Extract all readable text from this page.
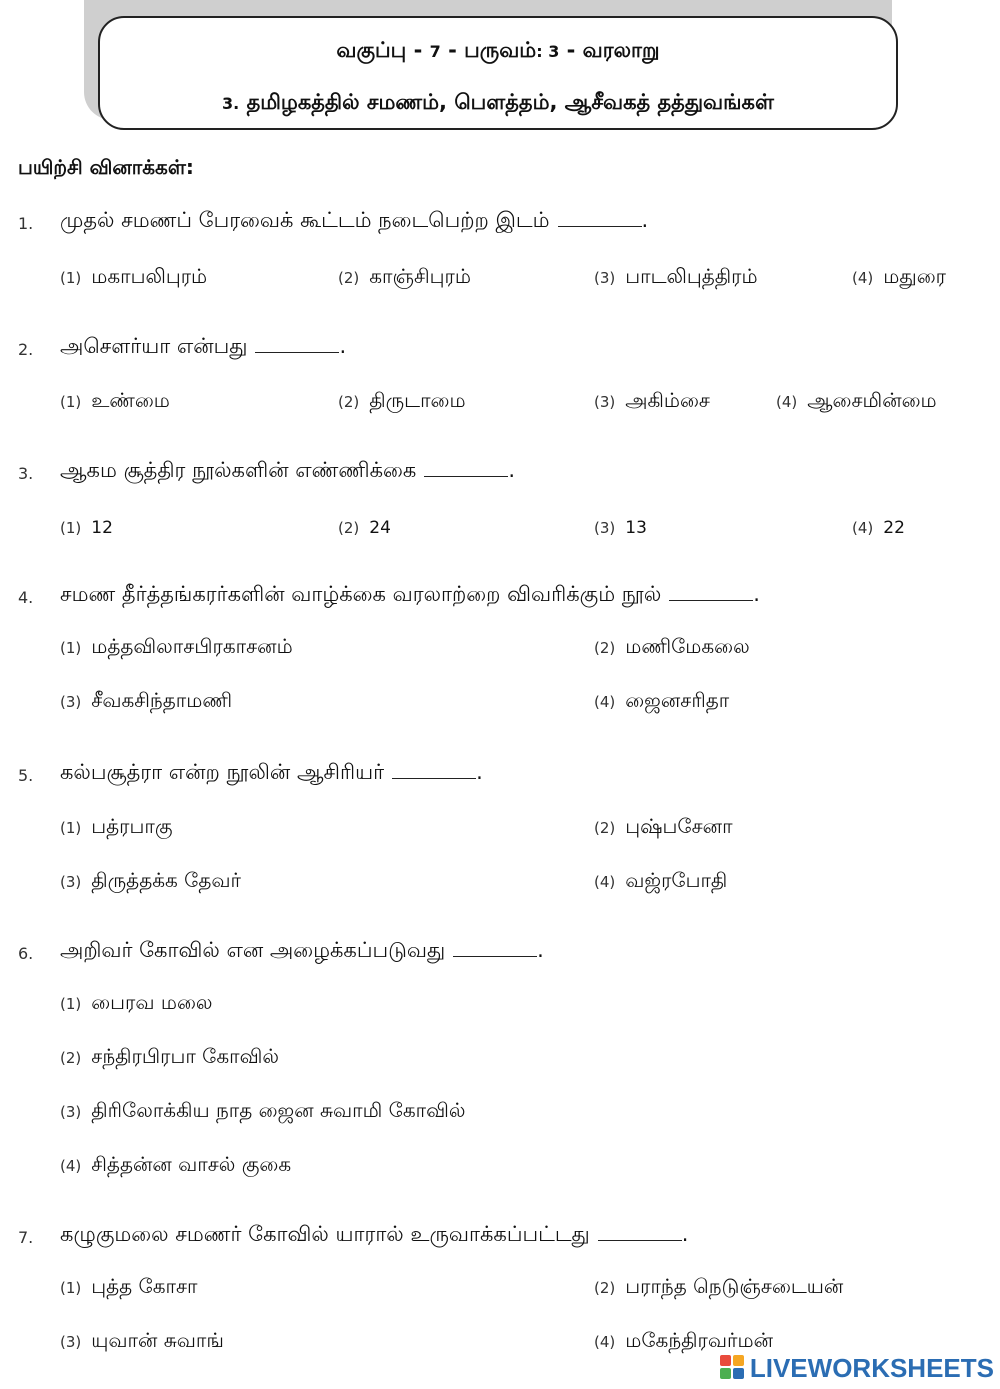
வகுப்பு - 7 - பருவம்: 3 - வரலாறு
3. தமிழகத்தில் சமணம், பௌத்தம், ஆசீவகத் தத்துவங்கள்
பயிற்சி வினாக்கள்:
1. முதல் சமணப் பேரவைக் கூட்டம் நடைபெற்ற இடம்	.
(1) மகாபலிபுரம்	(2) காஞ்சிபுரம்	(3) பாடலிபுத்திரம்	(4) மதுரை
2. அசௌர்யா என்பது	.
(1) உண்மை	(2) திருடாமை	(3) அகிம்சை	(4) ஆசைமின்மை
3. ஆகம சூத்திர நூல்களின் எண்ணிக்கை	.
(1) 12	(2) 24	(3) 13	(4) 22
4. சமண தீர்த்தங்கரர்களின் வாழ்க்கை வரலாற்றை விவரிக்கும் நூல்	.
(1) மத்தவிலாசபிரகாசனம்	(2) மணிமேகலை
(3) சீவகசிந்தாமணி	(4) ஜைனசரிதா
5. கல்பசூத்ரா என்ற நூலின் ஆசிரியர்	.
(1) பத்ரபாகு	(2) புஷ்பசேனா
(3) திருத்தக்க தேவர்	(4) வஜ்ரபோதி
6. அறிவர் கோவில் என அழைக்கப்படுவது	.
(1) பைரவ மலை
(2) சந்திரபிரபா கோவில்
(3) திரிலோக்கிய நாத ஜைன சுவாமி கோவில்
(4) சித்தன்ன வாசல் குகை
7. கழுகுமலை சமணர் கோவில் யாரால் உருவாக்கப்பட்டது	.
(1) புத்த கோசா	(2) பராந்த நெடுஞ்சடையன்
(3) யுவான் சுவாங்	(4) மகேந்திரவர்மன்
LIVEWORKSHEETS
